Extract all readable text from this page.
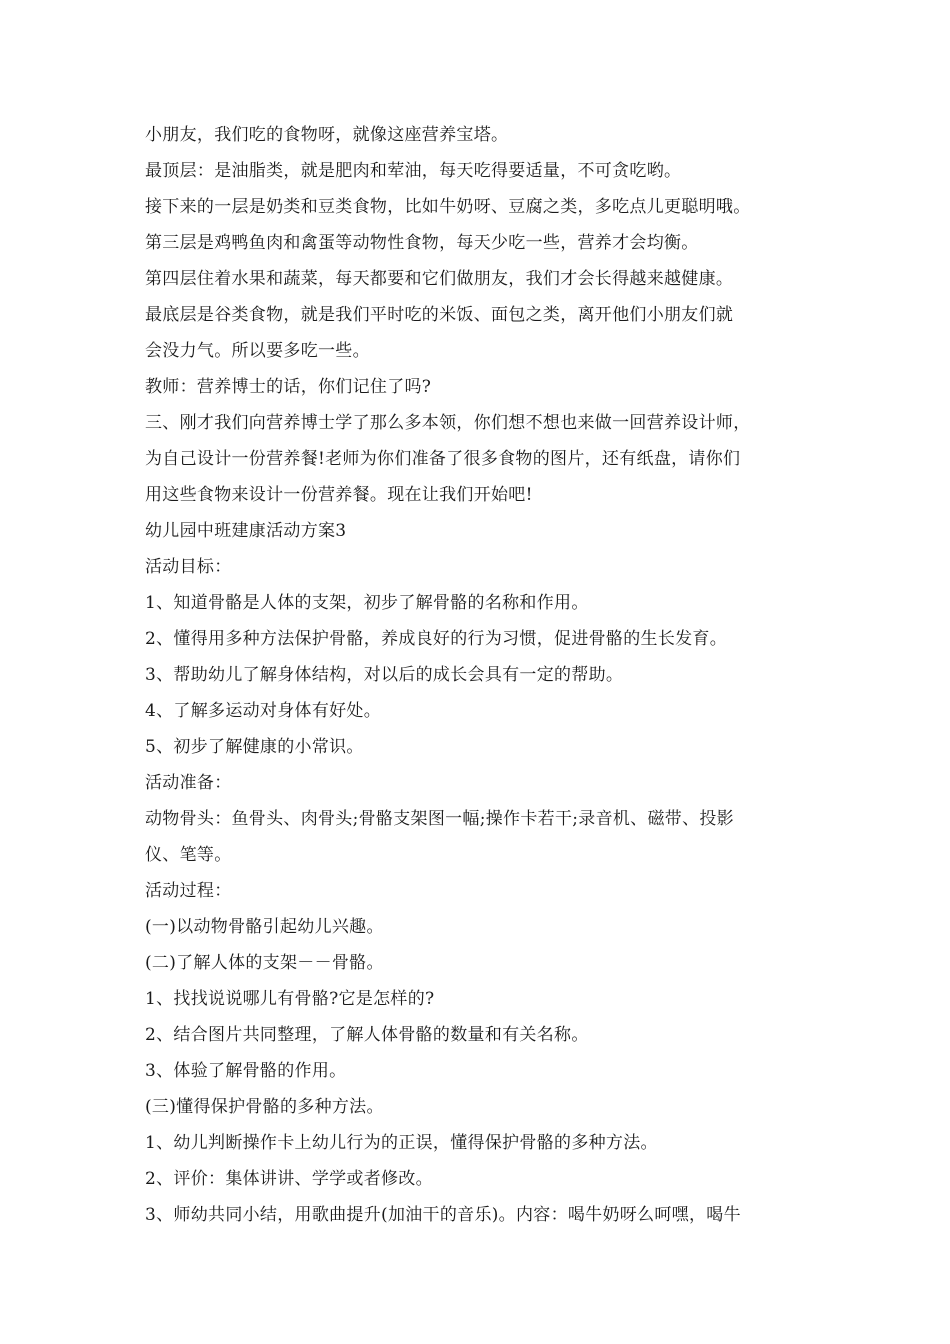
小朋友，我们吃的食物呀，就像这座营养宝塔。
最顶层：是油脂类，就是肥肉和荤油，每天吃得要适量，不可贪吃哟。
接下来的一层是奶类和豆类食物，比如牛奶呀、豆腐之类，多吃点儿更聪明哦。
第三层是鸡鸭鱼肉和禽蛋等动物性食物，每天少吃一些，营养才会均衡。
第四层住着水果和蔬菜，每天都要和它们做朋友，我们才会长得越来越健康。
最底层是谷类食物，就是我们平时吃的米饭、面包之类，离开他们小朋友们就
会没力气。所以要多吃一些。
教师：营养博士的话，你们记住了吗?
三、刚才我们向营养博士学了那么多本领，你们想不想也来做一回营养设计师，
为自己设计一份营养餐!老师为你们准备了很多食物的图片，还有纸盘，请你们
用这些食物来设计一份营养餐。现在让我们开始吧!
幼儿园中班建康活动方案3
活动目标：
1、知道骨骼是人体的支架，初步了解骨骼的名称和作用。
2、懂得用多种方法保护骨骼，养成良好的行为习惯，促进骨骼的生长发育。
3、帮助幼儿了解身体结构，对以后的成长会具有一定的帮助。
4、了解多运动对身体有好处。
5、初步了解健康的小常识。
活动准备：
动物骨头：鱼骨头、肉骨头;骨骼支架图一幅;操作卡若干;录音机、磁带、投影
仪、笔等。
活动过程：
(一)以动物骨骼引起幼儿兴趣。
(二)了解人体的支架－－骨骼。
1、找找说说哪儿有骨骼?它是怎样的?
2、结合图片共同整理，了解人体骨骼的数量和有关名称。
3、体验了解骨骼的作用。
(三)懂得保护骨骼的多种方法。
1、幼儿判断操作卡上幼儿行为的正误，懂得保护骨骼的多种方法。
2、评价：集体讲讲、学学或者修改。
3、师幼共同小结，用歌曲提升(加油干的音乐)。内容：喝牛奶呀么呵嘿，喝牛
